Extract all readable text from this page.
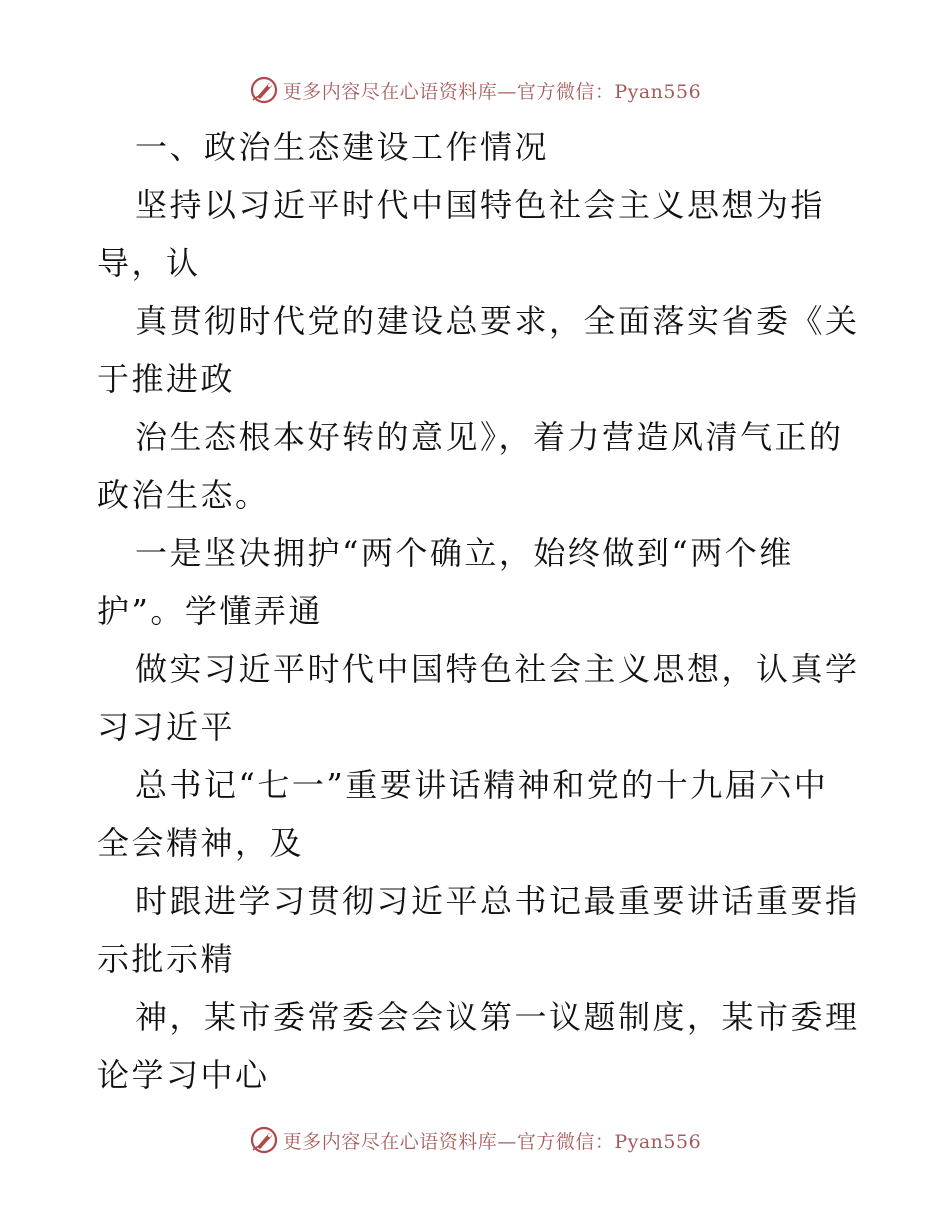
更多内容尽在心语资料库—官方微信：Pyan556
一、政治生态建设工作情况
坚持以习近平时代中国特色社会主义思想为指
导，认
真贯彻时代党的建设总要求，全面落实省委《关
于推进政
治生态根本好转的意见》，着力营造风清气正的
政治生态。
一是坚决拥护“两个确立，始终做到“两个维
护”。学懂弄通
做实习近平时代中国特色社会主义思想，认真学
习习近平
总书记“七一”重要讲话精神和党的十九届六中
全会精神，及
时跟进学习贯彻习近平总书记最重要讲话重要指
示批示精
神，某市委常委会会议第一议题制度，某市委理
论学习中心
更多内容尽在心语资料库—官方微信：Pyan556
